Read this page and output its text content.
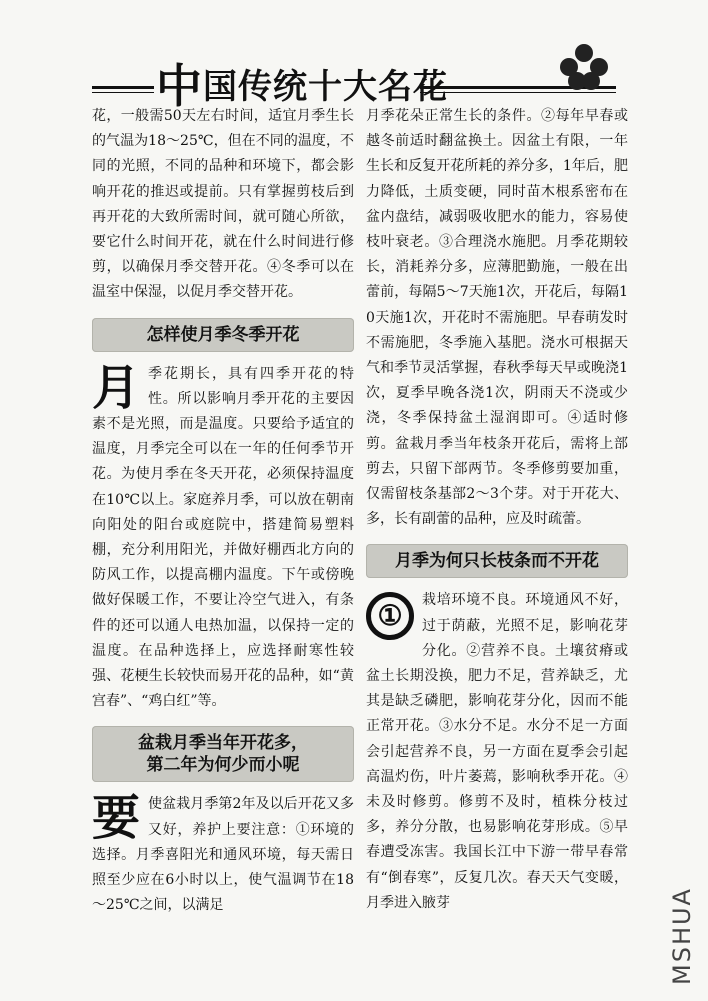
中国传统十大名花

花，一般需50天左右时间，适宜月季生长的气温为18～25℃，但在不同的温度，不同的光照，不同的品种和环境下，都会影响开花的推迟或提前。只有掌握剪枝后到再开花的大致所需时间，就可随心所欲，要它什么时间开花，就在什么时间进行修剪，以确保月季交替开花。④冬季可以在温室中保湿，以促月季交替开花。

怎样使月季冬季开花

月季花期长，具有四季开花的特性。所以影响月季开花的主要因素不是光照，而是温度。只要给予适宜的温度，月季完全可以在一年的任何季节开花。为使月季在冬天开花，必须保持温度在10℃以上。家庭养月季，可以放在朝南向阳处的阳台或庭院中，搭建简易塑料棚，充分利用阳光，并做好棚西北方向的防风工作，以提高棚内温度。下午或傍晚做好保暖工作，不要让冷空气进入，有条件的还可以通人电热加温，以保持一定的温度。在品种选择上，应选择耐寒性较强、花梗生长较快而易开花的品种，如“黄宫春”、“鸡白红”等。

盆栽月季当年开花多，
第二年为何少而小呢

要使盆栽月季第2年及以后开花又多又好，养护上要注意：①环境的选择。月季喜阳光和通风环境，每天需日照至少应在6小时以上，使气温调节在18～25℃之间，以满足

月季花朵正常生长的条件。②每年早春或越冬前适时翻盆换土。因盆土有限，一年生长和反复开花所耗的养分多，1年后，肥力降低，土质变硬，同时苗木根系密布在盆内盘结，减弱吸收肥水的能力，容易使枝叶衰老。③合理浇水施肥。月季花期较长，消耗养分多，应薄肥勤施，一般在出蕾前，每隔5～7天施1次，开花后，每隔10天施1次，开花时不需施肥。早春萌发时不需施肥，冬季施入基肥。浇水可根据天气和季节灵活掌握，春秋季每天早或晚浇1次，夏季早晚各浇1次，阴雨天不浇或少浇，冬季保持盆土湿润即可。④适时修剪。盆栽月季当年枝条开花后，需将上部剪去，只留下部两节。冬季修剪要加重，仅需留枝条基部2～3个芽。对于开花大、多，长有副蕾的品种，应及时疏蕾。

月季为何只长枝条而不开花

①	栽培环境不良。环境通风不好，过于荫蔽，光照不足，影响花芽分化。②营养不良。土壤贫瘠或盆土长期没换，肥力不足，营养缺乏，尤其是缺乏磷肥，影响花芽分化，因而不能正常开花。③水分不足。水分不足一方面会引起营养不良，另一方面在夏季会引起高温灼伤，叶片萎蔫，影响秋季开花。④未及时修剪。修剪不及时，植株分枝过多，养分分散，也易影响花芽形成。⑤早春遭受冻害。我国长江中下游一带早春常有“倒春寒”，反复几次。春天天气变暖，月季进入腋芽	MSHUA
